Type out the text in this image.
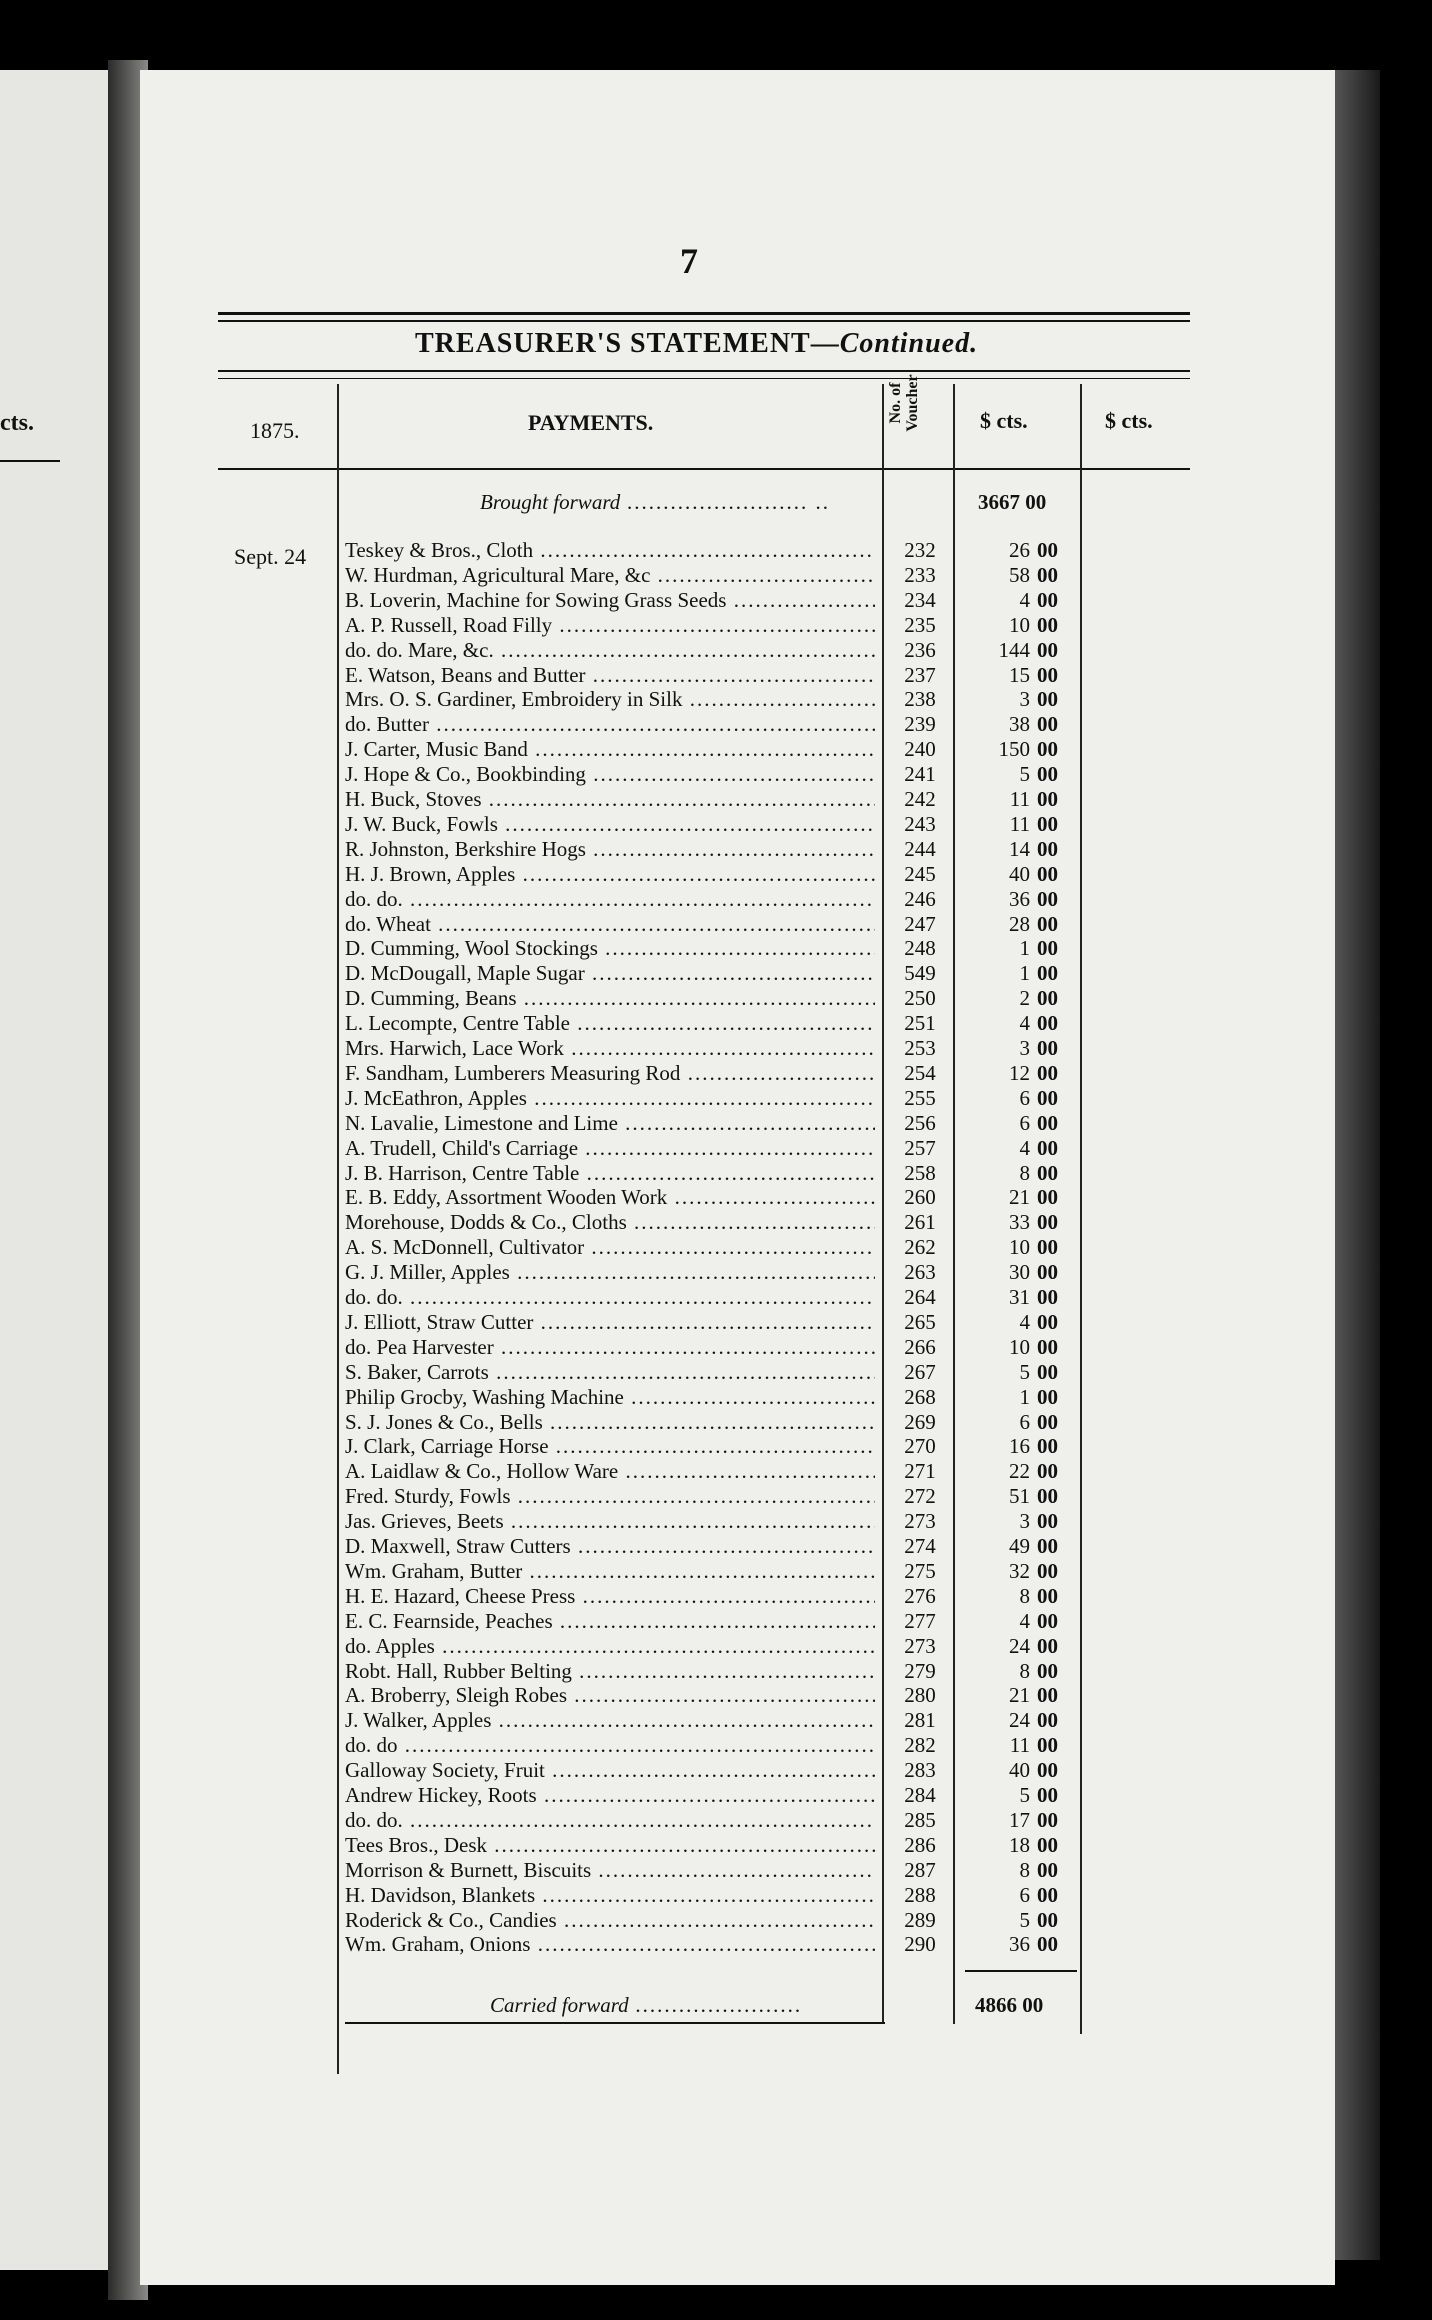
cts.
7
TREASURER'S STATEMENT—Continued.
1875.	PAYMENTS.	No. of Voucher	$ cts.	$ cts.
Brought forward ......................... ..	3667 00
Sept. 24 Teskey & Bros., Cloth .....	232	26 00
W. Hurdman, Agricultural Mare, &c .....	233	58 00
B. Loverin, Machine for Sowing Grass Seeds .....	234	4 00
A. P. Russell, Road Filly .....	235	10 00
do. do. Mare, &c. .....	236	144 00
E. Watson, Beans and Butter .....	237	15 00
Mrs. O. S. Gardiner, Embroidery in Silk .....	238	3 00
do. Butter .....	239	38 00
J. Carter, Music Band .....	240	150 00
J. Hope & Co., Bookbinding .....	241	5 00
H. Buck, Stoves .....	242	11 00
J. W. Buck, Fowls .....	243	11 00
R. Johnston, Berkshire Hogs .....	244	14 00
H. J. Brown, Apples .....	245	40 00
do. do. .....	246	36 00
do. Wheat .....	247	28 00
D. Cumming, Wool Stockings .....	248	1 00
D. McDougall, Maple Sugar .....	549	1 00
D. Cumming, Beans .....	250	2 00
L. Lecompte, Centre Table .....	251	4 00
Mrs. Harwich, Lace Work .....	253	3 00
F. Sandham, Lumberers Measuring Rod .....	254	12 00
J. McEathron, Apples .....	255	6 00
N. Lavalie, Limestone and Lime .....	256	6 00
A. Trudell, Child's Carriage .....	257	4 00
J. B. Harrison, Centre Table .....	258	8 00
E. B. Eddy, Assortment Wooden Work .....	260	21 00
Morehouse, Dodds & Co., Cloths .....	261	33 00
A. S. McDonnell, Cultivator .....	262	10 00
G. J. Miller, Apples .....	263	30 00
do. do. .....	264	31 00
J. Elliott, Straw Cutter .....	265	4 00
do. Pea Harvester .....	266	10 00
S. Baker, Carrots .....	267	5 00
Philip Grocby, Washing Machine .....	268	1 00
S. J. Jones & Co., Bells .....	269	6 00
J. Clark, Carriage Horse .....	270	16 00
A. Laidlaw & Co., Hollow Ware .....	271	22 00
Fred. Sturdy, Fowls .....	272	51 00
Jas. Grieves, Beets .....	273	3 00
D. Maxwell, Straw Cutters .....	274	49 00
Wm. Graham, Butter .....	275	32 00
H. E. Hazard, Cheese Press .....	276	8 00
E. C. Fearnside, Peaches .....	277	4 00
do. Apples .....	273	24 00
Robt. Hall, Rubber Belting .....	279	8 00
A. Broberry, Sleigh Robes .....	280	21 00
J. Walker, Apples .....	281	24 00
do. do .....	282	11 00
Galloway Society, Fruit .....	283	40 00
Andrew Hickey, Roots .....	284	5 00
do. do. .....	285	17 00
Tees Bros., Desk .....	286	18 00
Morrison & Burnett, Biscuits .....	287	8 00
H. Davidson, Blankets .....	288	6 00
Roderick & Co., Candies .....	289	5 00
Wm. Graham, Onions .....	290	36 00
Carried forward .......................	4866 00
